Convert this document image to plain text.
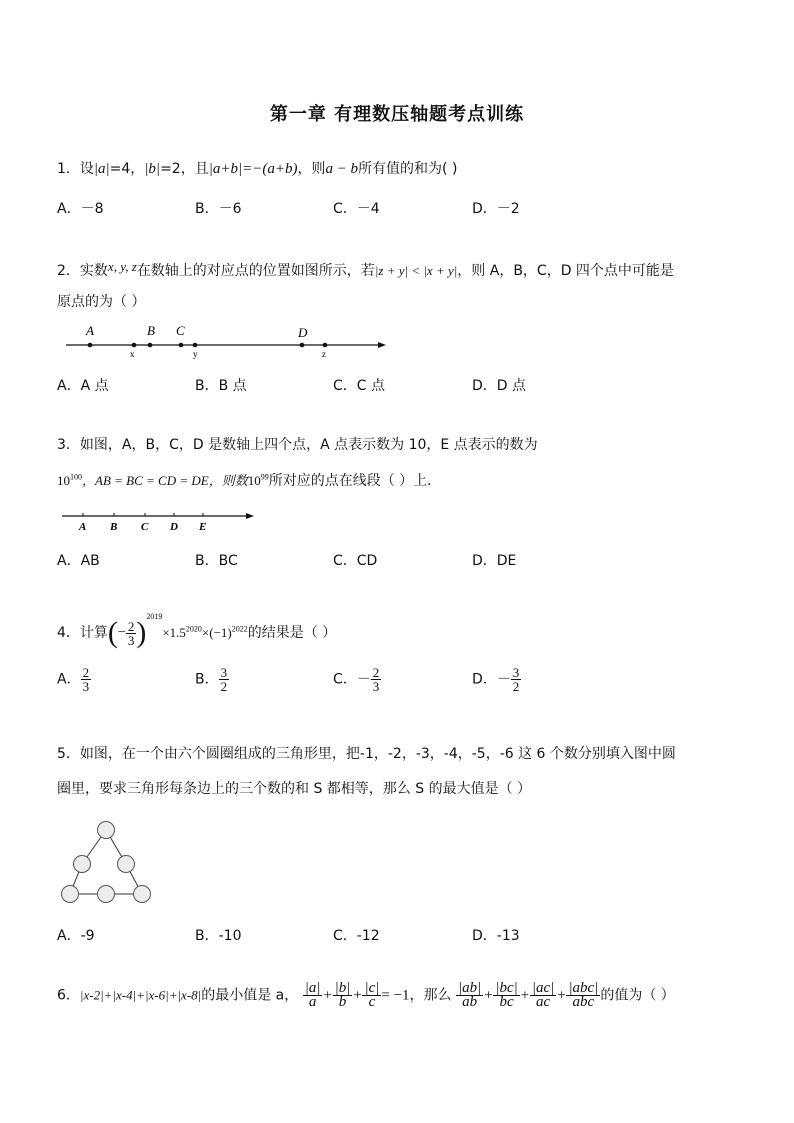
第一章 有理数压轴题考点训练
1．设|a|=4，|b|=2，且|a+b|=−(a+b)，则a − b所有值的和为( )
A．－8	B．－6	C．－4	D．－2
2．实数x, y, z在数轴上的对应点的位置如图所示，若|z + y| < |x + y|，则 A，B，C，D 四个点中可能是
原点的为（ ）
A	B C	D
x	y	z
A．A 点	B．B 点	C．C 点	D．D 点
3．如图，A，B，C，D 是数轴上四个点，A 点表示数为 10，E 点表示的数为
$10^{100}$，AB = BC = CD = DE，则数$10^{99}$所对应的点在线段（ ）上．
A B C D E
A．AB	B．BC	C．CD	D．DE
4．计算(− $\frac{2}{3} )^{2019}\times 1.5^{2020}\times(-1)^{2022}$的结果是（ ）
A． $\frac{2}{3}$	B． $\frac{3}{2}$	C．－ $\frac{2}{3}$	D．－ $\frac{3}{2}$
5．如图，在一个由六个圆圈组成的三角形里，把-1，-2，-3，-4，-5，-6 这 6 个数分别填入图中圆
圈里，要求三角形每条边上的三个数的和 S 都相等，那么 S 的最大值是（ ）
A．-9	B．-10	C．-12	D．-13
6．|x-2|+|x-4|+|x-6|+|x-8|的最小值是 a， $\frac{|a|}{a} + \frac{|b|}{b} + \frac{|c|}{c} = -1$，那么 $\frac{|ab|}{ab} + \frac{|bc|}{bc} + \frac{|ac|}{ac} + \frac{\text{|abc|}}{\text{abc}}$ 的值为（ ）
